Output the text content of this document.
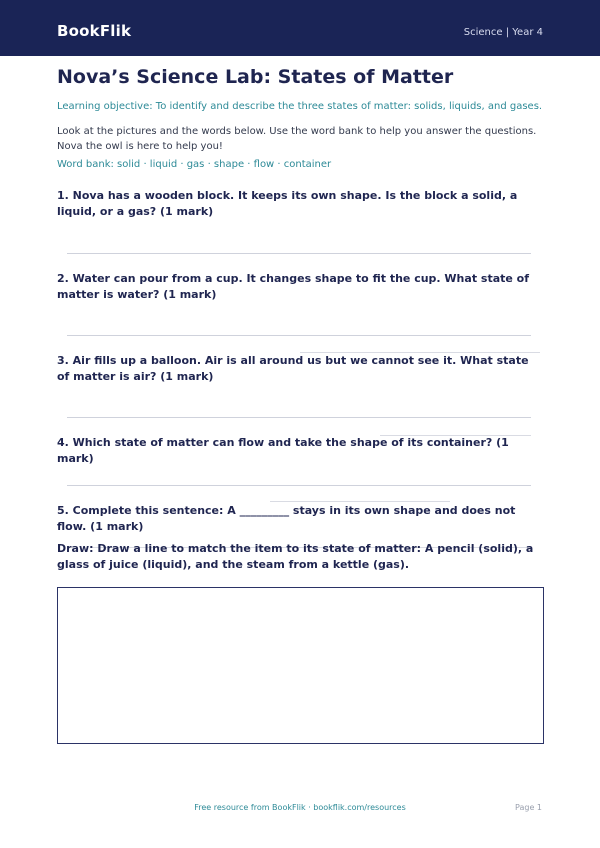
BookFlik	Science | Year 4
Nova’s Science Lab: States of Matter
Learning objective: To identify and describe the three states of matter: solids, liquids, and gases.
Look at the pictures and the words below. Use the word bank to help you answer the questions. Nova the owl is here to help you!
Word bank: solid · liquid · gas · shape · flow · container
1. Nova has a wooden block. It keeps its own shape. Is the block a solid, a liquid, or a gas? (1 mark)
2. Water can pour from a cup. It changes shape to fit the cup. What state of matter is water? (1 mark)
3. Air fills up a balloon. Air is all around us but we cannot see it. What state of matter is air? (1 mark)
4. Which state of matter can flow and take the shape of its container? (1 mark)
5. Complete this sentence: A _________ stays in its own shape and does not flow. (1 mark)
Draw: Draw a line to match the item to its state of matter: A pencil (solid), a glass of juice (liquid), and the steam from a kettle (gas).
Free resource from BookFlik · bookflik.com/resources	Page 1
